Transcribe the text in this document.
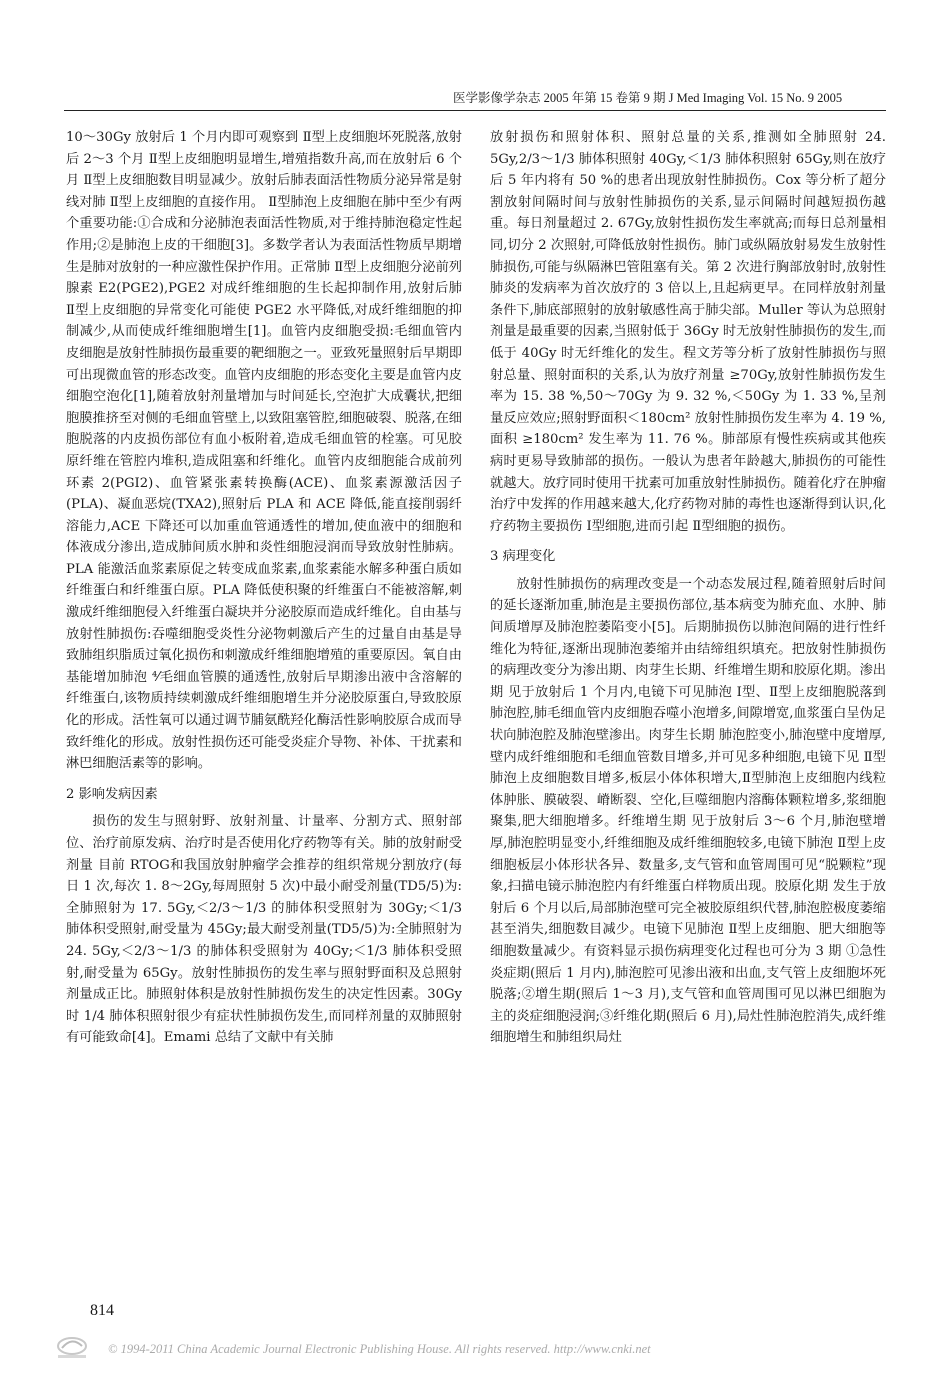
医学影像学杂志 2005 年第 15 卷第 9 期 J Med Imaging Vol. 15 No. 9 2005

10～30Gy 放射后 1 个月内即可观察到 Ⅱ型上皮细胞坏死脱落,放射后 2～3 个月 Ⅱ型上皮细胞明显增生,增殖指数升高,而在放射后 6 个月 Ⅱ型上皮细胞数目明显减少。放射后肺表面活性物质分泌异常是射线对肺 Ⅱ型上皮细胞的直接作用。 Ⅱ型肺泡上皮细胞在肺中至少有两个重要功能:①合成和分泌肺泡表面活性物质,对于维持肺泡稳定性起作用;②是肺泡上皮的干细胞[3]。多数学者认为表面活性物质早期增生是肺对放射的一种应激性保护作用。正常肺 Ⅱ型上皮细胞分泌前列腺素 E2(PGE2),PGE2 对成纤维细胞的生长起抑制作用,放射后肺 Ⅱ型上皮细胞的异常变化可能使 PGE2 水平降低,对成纤维细胞的抑制减少,从而使成纤维细胞增生[1]。血管内皮细胞受损:毛细血管内皮细胞是放射性肺损伤最重要的靶细胞之一。亚致死量照射后早期即可出现微血管的形态改变。血管内皮细胞的形态变化主要是血管内皮细胞空泡化[1],随着放射剂量增加与时间延长,空泡扩大成囊状,把细胞膜推挤至对侧的毛细血管壁上,以致阻塞管腔,细胞破裂、脱落,在细胞脱落的内皮损伤部位有血小板附着,造成毛细血管的栓塞。可见胶原纤维在管腔内堆积,造成阻塞和纤维化。血管内皮细胞能合成前列环素 2(PGI2)、血管紧张素转换酶(ACE)、血浆素源激活因子(PLA)、凝血恶烷(TXA2),照射后 PLA 和 ACE 降低,能直接削弱纤溶能力,ACE 下降还可以加重血管通透性的增加,使血液中的细胞和体液成分渗出,造成肺间质水肿和炎性细胞浸润而导致放射性肺病。PLA 能激活血浆素原促之转变成血浆素,血浆素能水解多种蛋白质如纤维蛋白和纤维蛋白原。PLA 降低使积聚的纤维蛋白不能被溶解,刺激成纤维细胞侵入纤维蛋白凝块并分泌胶原而造成纤维化。自由基与放射性肺损伤:吞噬细胞受炎性分泌物刺激后产生的过量自由基是导致肺组织脂质过氧化损伤和刺激成纤维细胞增殖的重要原因。氧自由基能增加肺泡 ⁴⁄毛细血管膜的通透性,放射后早期渗出液中含溶解的纤维蛋白,该物质持续刺激成纤维细胞增生并分泌胶原蛋白,导致胶原化的形成。活性氧可以通过调节脯氨酰羟化酶活性影响胶原合成而导致纤维化的形成。放射性损伤还可能受炎症介导物、补体、干扰素和淋巴细胞活素等的影响。

2 影响发病因素

损伤的发生与照射野、放射剂量、计量率、分割方式、照射部位、治疗前原发病、治疗时是否使用化疗药物等有关。肺的放射耐受剂量 目前 RTOG和我国放射肿瘤学会推荐的组织常规分割放疗(每日 1 次,每次 1. 8～2Gy,每周照射 5 次)中最小耐受剂量(TD5/5)为:全肺照射为 17. 5Gy,＜2/3～1/3 的肺体积受照射为 30Gy;＜1/3 肺体积受照射,耐受量为 45Gy;最大耐受剂量(TD5/5)为:全肺照射为 24. 5Gy,＜2/3～1/3 的肺体积受照射为 40Gy;＜1/3 肺体积受照射,耐受量为 65Gy。放射性肺损伤的发生率与照射野面积及总照射剂量成正比。肺照射体积是放射性肺损伤发生的决定性因素。30Gy 时 1/4 肺体积照射很少有症状性肺损伤发生,而同样剂量的双肺照射有可能致命[4]。Emami 总结了文献中有关肺

放射损伤和照射体积、照射总量的关系,推测如全肺照射 24. 5Gy,2/3～1/3 肺体积照射 40Gy,＜1/3 肺体积照射 65Gy,则在放疗后 5 年内将有 50 %的患者出现放射性肺损伤。Cox 等分析了超分割放射间隔时间与放射性肺损伤的关系,显示间隔时间越短损伤越重。每日剂量超过 2. 67Gy,放射性损伤发生率就高;而每日总剂量相同,切分 2 次照射,可降低放射性损伤。肺门或纵隔放射易发生放射性肺损伤,可能与纵隔淋巴管阻塞有关。第 2 次进行胸部放射时,放射性肺炎的发病率为首次放疗的 3 倍以上,且起病更早。在同样放射剂量条件下,肺底部照射的放射敏感性高于肺尖部。Muller 等认为总照射剂量是最重要的因素,当照射低于 36Gy 时无放射性肺损伤的发生,而低于 40Gy 时无纤维化的发生。程文芳等分析了放射性肺损伤与照射总量、照射面积的关系,认为放疗剂量 ≥70Gy,放射性肺损伤发生率为 15. 38 %,50～70Gy 为 9. 32 %,＜50Gy 为 1. 33 %,呈剂量反应效应;照射野面积＜180cm² 放射性肺损伤发生率为 4. 19 %,面积 ≥180cm² 发生率为 11. 76 %。肺部原有慢性疾病或其他疾病时更易导致肺部的损伤。一般认为患者年龄越大,肺损伤的可能性就越大。放疗同时使用干扰素可加重放射性肺损伤。随着化疗在肿瘤治疗中发挥的作用越来越大,化疗药物对肺的毒性也逐渐得到认识,化疗药物主要损伤 Ⅰ型细胞,进而引起 Ⅱ型细胞的损伤。

3 病理变化

放射性肺损伤的病理改变是一个动态发展过程,随着照射后时间的延长逐渐加重,肺泡是主要损伤部位,基本病变为肺充血、水肿、肺间质增厚及肺泡腔萎陷变小[5]。后期肺损伤以肺泡间隔的进行性纤维化为特征,逐渐出现肺泡萎缩并由结缔组织填充。把放射性肺损伤的病理改变分为渗出期、肉芽生长期、纤维增生期和胶原化期。渗出期 见于放射后 1 个月内,电镜下可见肺泡 Ⅰ型、Ⅱ型上皮细胞脱落到肺泡腔,肺毛细血管内皮细胞吞噬小泡增多,间隙增宽,血浆蛋白呈伪足状向肺泡腔及肺泡壁渗出。肉芽生长期 肺泡腔变小,肺泡壁中度增厚,壁内成纤维细胞和毛细血管数目增多,并可见多种细胞,电镜下见 Ⅱ型肺泡上皮细胞数目增多,板层小体体积增大,Ⅱ型肺泡上皮细胞内线粒体肿胀、膜破裂、嵴断裂、空化,巨噬细胞内溶酶体颗粒增多,浆细胞聚集,肥大细胞增多。纤维增生期 见于放射后 3～6 个月,肺泡壁增厚,肺泡腔明显变小,纤维细胞及成纤维细胞较多,电镜下肺泡 Ⅱ型上皮细胞板层小体形状各异、数量多,支气管和血管周围可见“脱颗粒”现象,扫描电镜示肺泡腔内有纤维蛋白样物质出现。胶原化期 发生于放射后 6 个月以后,局部肺泡壁可完全被胶原组织代替,肺泡腔极度萎缩甚至消失,细胞数目减少。电镜下见肺泡 Ⅱ型上皮细胞、肥大细胞等细胞数量减少。有资料显示损伤病理变化过程也可分为 3 期 ①急性炎症期(照后 1 月内),肺泡腔可见渗出液和出血,支气管上皮细胞坏死脱落;②增生期(照后 1～3 月),支气管和血管周围可见以淋巴细胞为主的炎症细胞浸润;③纤维化期(照后 6 月),局灶性肺泡腔消失,成纤维细胞增生和肺组织局灶

814
© 1994-2011 China Academic Journal Electronic Publishing House. All rights reserved. http://www.cnki.net
